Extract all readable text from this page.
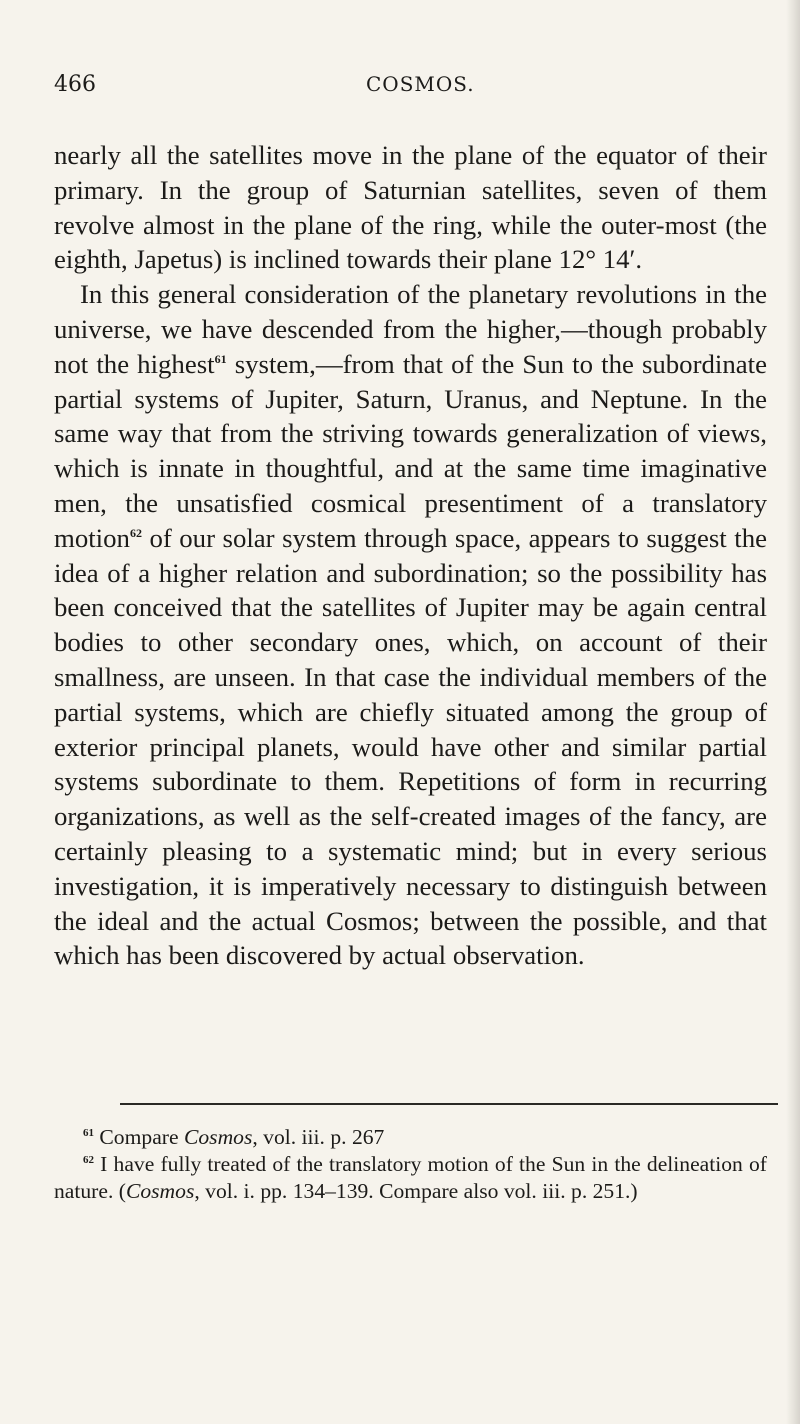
466	COSMOS.

nearly all the satellites move in the plane of the equator of their primary. In the group of Saturnian satellites, seven of them revolve almost in the plane of the ring, while the outer-most (the eighth, Japetus) is inclined towards their plane 12° 14′.

In this general consideration of the planetary revolutions in the universe, we have descended from the higher,—though probably not the highest$^{61}$ system,—from that of the Sun to the subordinate partial systems of Jupiter, Saturn, Uranus, and Neptune. In the same way that from the striving towards generalization of views, which is innate in thoughtful, and at the same time imaginative men, the unsatisfied cosmical presentiment of a translatory motion$^{62}$ of our solar system through space, appears to suggest the idea of a higher relation and subordination; so the possibility has been conceived that the satellites of Jupiter may be again central bodies to other secondary ones, which, on account of their smallness, are unseen. In that case the individual members of the partial systems, which are chiefly situated among the group of exterior principal planets, would have other and similar partial systems subordinate to them. Repetitions of form in recurring organizations, as well as the self-created images of the fancy, are certainly pleasing to a systematic mind; but in every serious investigation, it is imperatively necessary to distinguish between the ideal and the actual Cosmos; between the possible, and that which has been discovered by actual observation.

$^{61}$ Compare Cosmos, vol. iii. p. 267

$^{62}$ I have fully treated of the translatory motion of the Sun in the delineation of nature. (Cosmos, vol. i. pp. 134–139. Compare also vol. iii. p. 251.)
